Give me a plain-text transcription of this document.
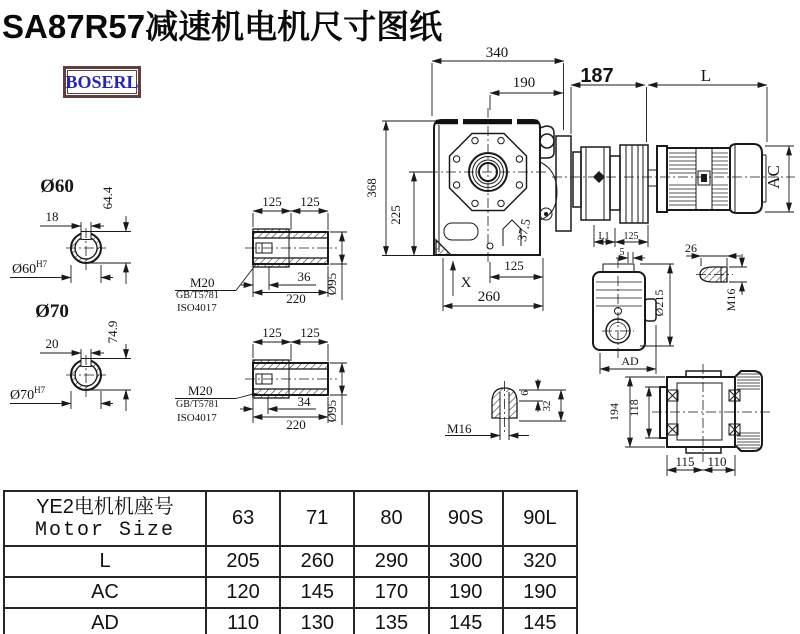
SA87R57减速机电机尺寸图纸
BOSERL
Ø60
18
64.4
$Ø60^{H7}$
Ø70
20
74.9
$Ø70^{H7}$
125 125
36
220
Ø95
M20
GB/T5781
ISO4017
125 125
34
220
Ø95
M20
GB/T5781
ISO4017
340
190
37.5
368
225
X
125
260
187	L
AC
L1 125
5
Ø215
AD
26
M16
6
32
M16
194 118
115 110
YE2电机机座号
Motor Size	63	71	80	90S	90L
L	205	260	290	300	320
AC	120	145	170	190	190
AD	110	130	135	145	145
